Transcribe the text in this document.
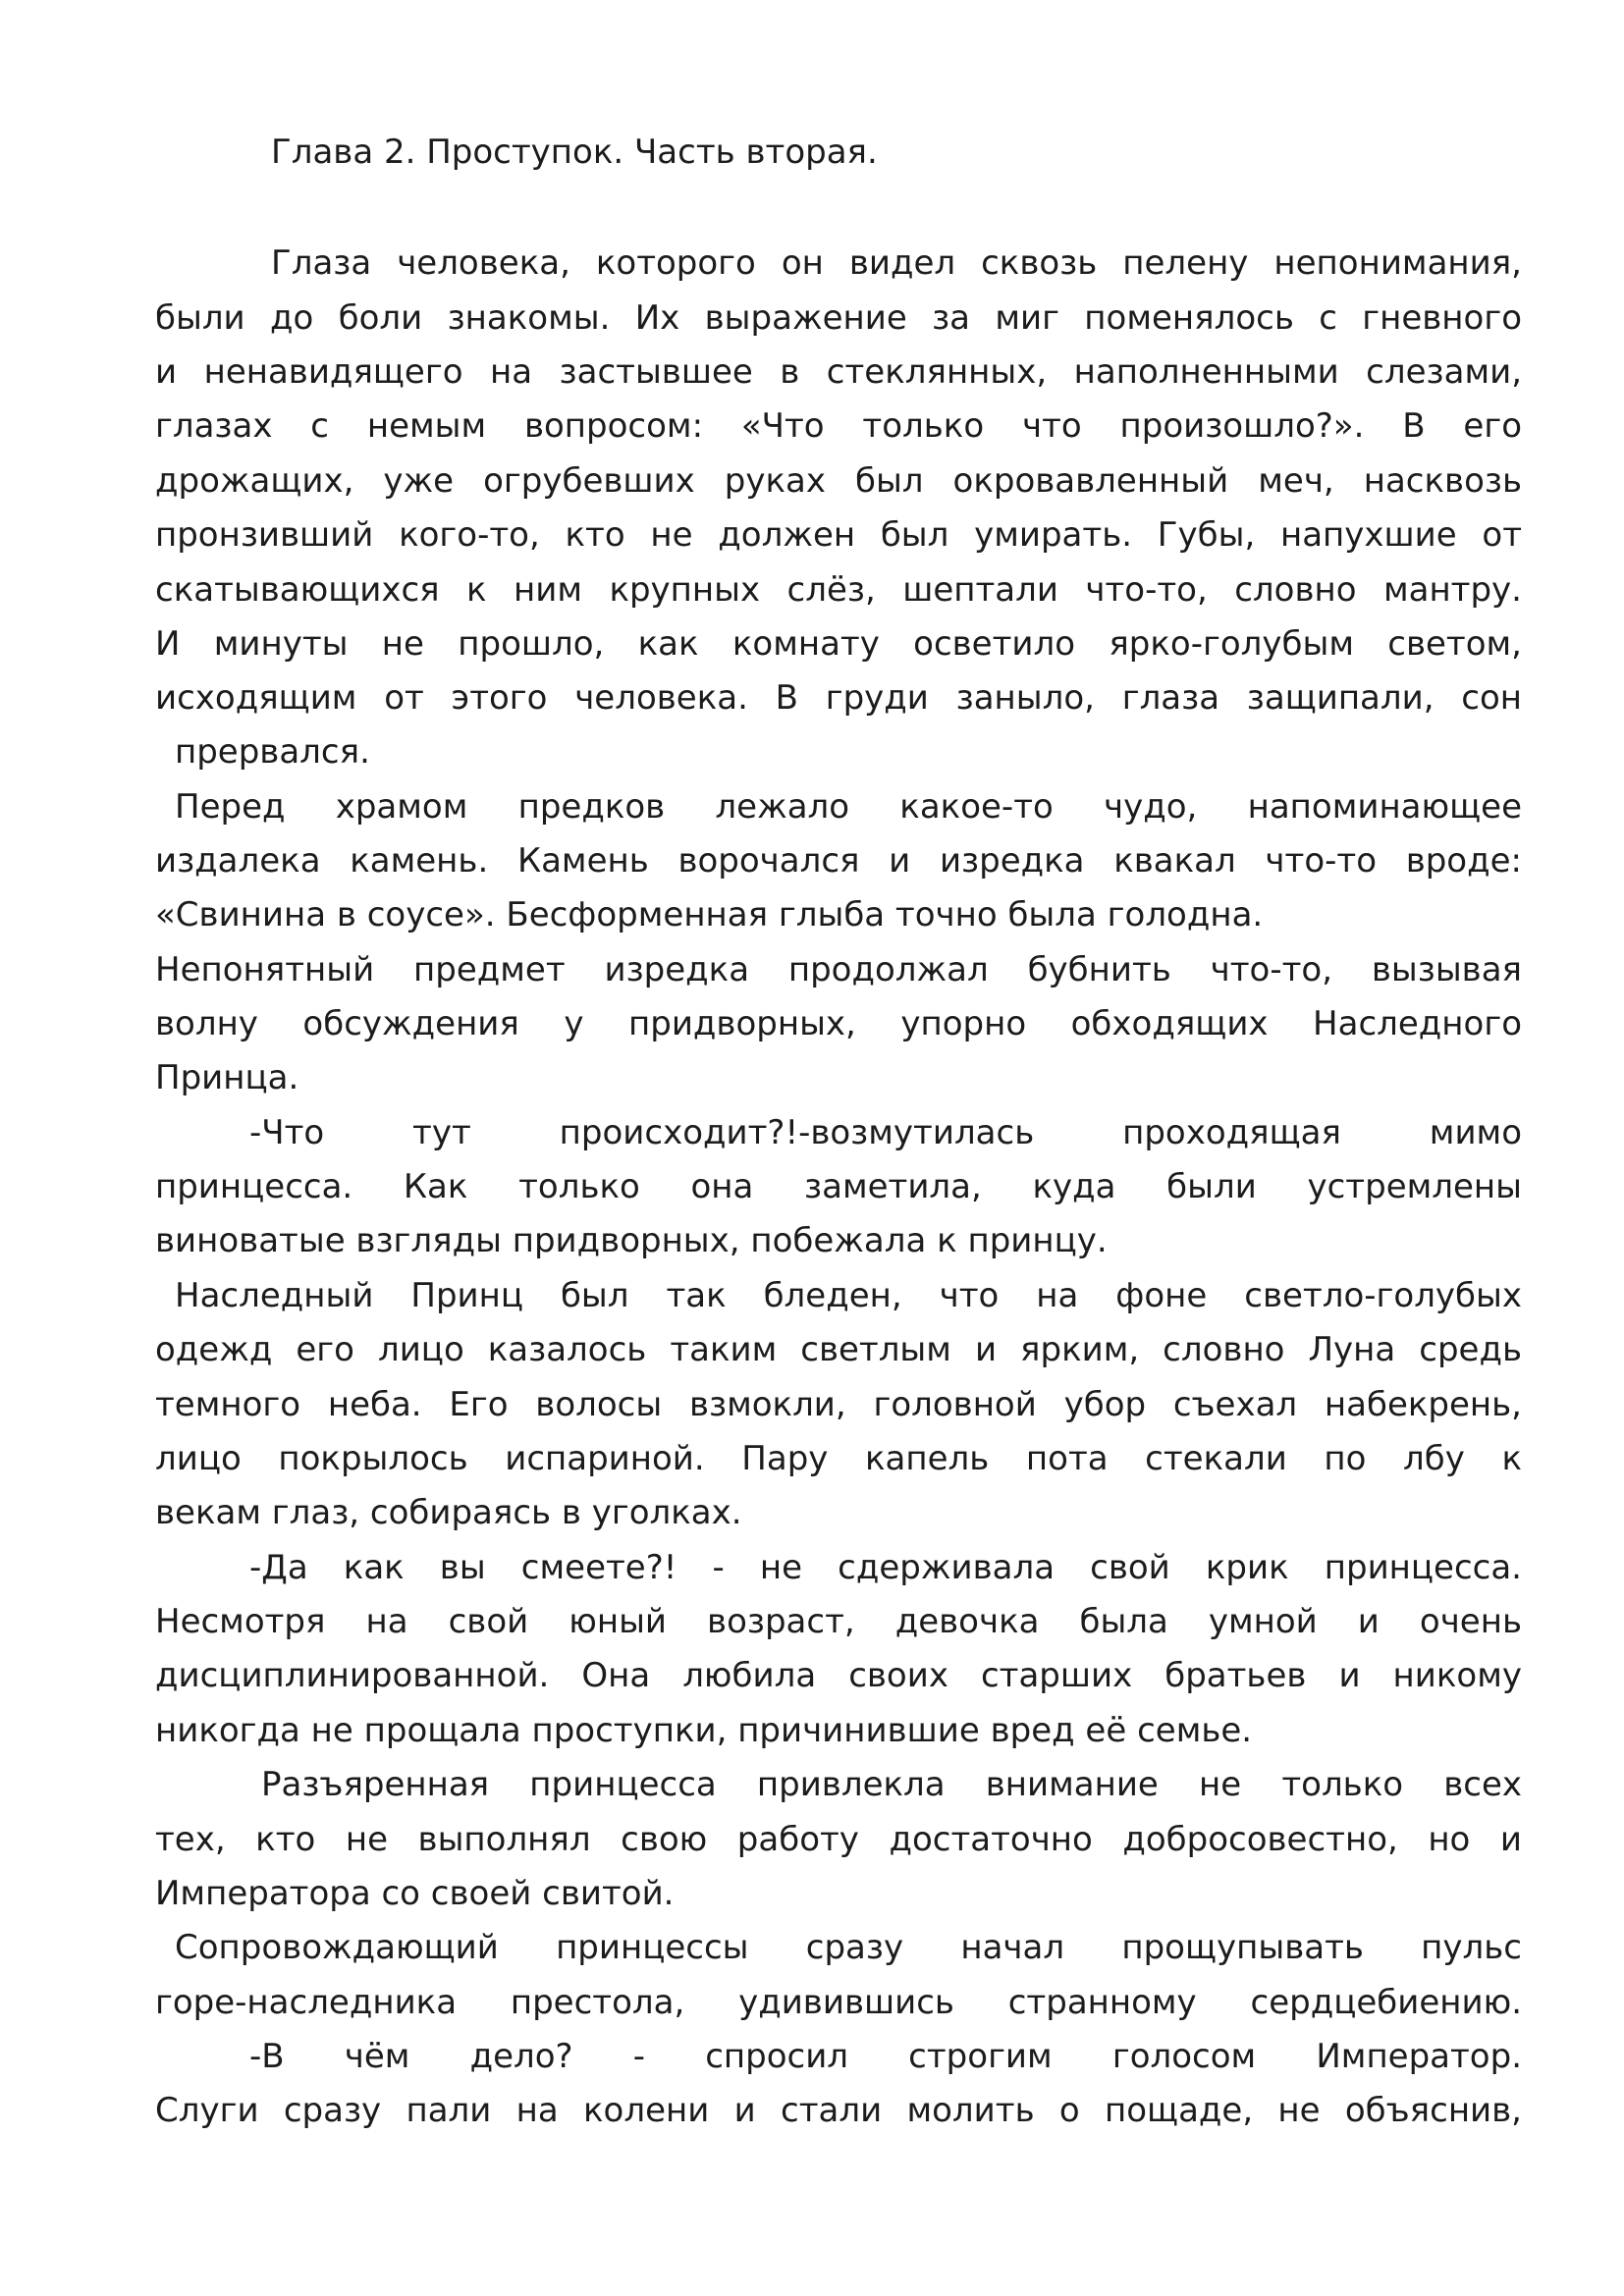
Глава 2. Проступок. Часть вторая.
Глаза человека, которого он видел сквозь пелену непонимания,
были до боли знакомы. Их выражение за миг поменялось с гневного
и ненавидящего на застывшее в стеклянных, наполненными слезами,
глазах с немым вопросом: «Что только что произошло?». В его
дрожащих, уже огрубевших руках был окровавленный меч, насквозь
пронзивший кого-то, кто не должен был умирать. Губы, напухшие от
скатывающихся к ним крупных слёз, шептали что-то, словно мантру.
И минуты не прошло, как комнату осветило ярко-голубым светом,
исходящим от этого человека. В груди заныло, глаза защипали, сон
прервался.
Перед храмом предков лежало какое-то чудо, напоминающее
издалека камень. Камень ворочался и изредка квакал что-то вроде:
«Свинина в соусе». Бесформенная глыба точно была голодна.
Непонятный предмет изредка продолжал бубнить что-то, вызывая
волну обсуждения у придворных, упорно обходящих Наследного
Принца.
-Что тут происходит?!-возмутилась проходящая мимо
принцесса. Как только она заметила, куда были устремлены
виноватые взгляды придворных, побежала к принцу.
Наследный Принц был так бледен, что на фоне светло-голубых
одежд его лицо казалось таким светлым и ярким, словно Луна средь
темного неба. Его волосы взмокли, головной убор съехал набекрень,
лицо покрылось испариной. Пару капель пота стекали по лбу к
векам глаз, собираясь в уголках.
-Да как вы смеете?! - не сдерживала свой крик принцесса.
Несмотря на свой юный возраст, девочка была умной и очень
дисциплинированной. Она любила своих старших братьев и никому
никогда не прощала проступки, причинившие вред её семье.
Разъяренная принцесса привлекла внимание не только всех
тех, кто не выполнял свою работу достаточно добросовестно, но и
Императора со своей свитой.
Сопровождающий принцессы сразу начал прощупывать пульс
горе-наследника престола, удивившись странному сердцебиению.
-В чём дело? - спросил строгим голосом Император.
Слуги сразу пали на колени и стали молить о пощаде, не объяснив,
